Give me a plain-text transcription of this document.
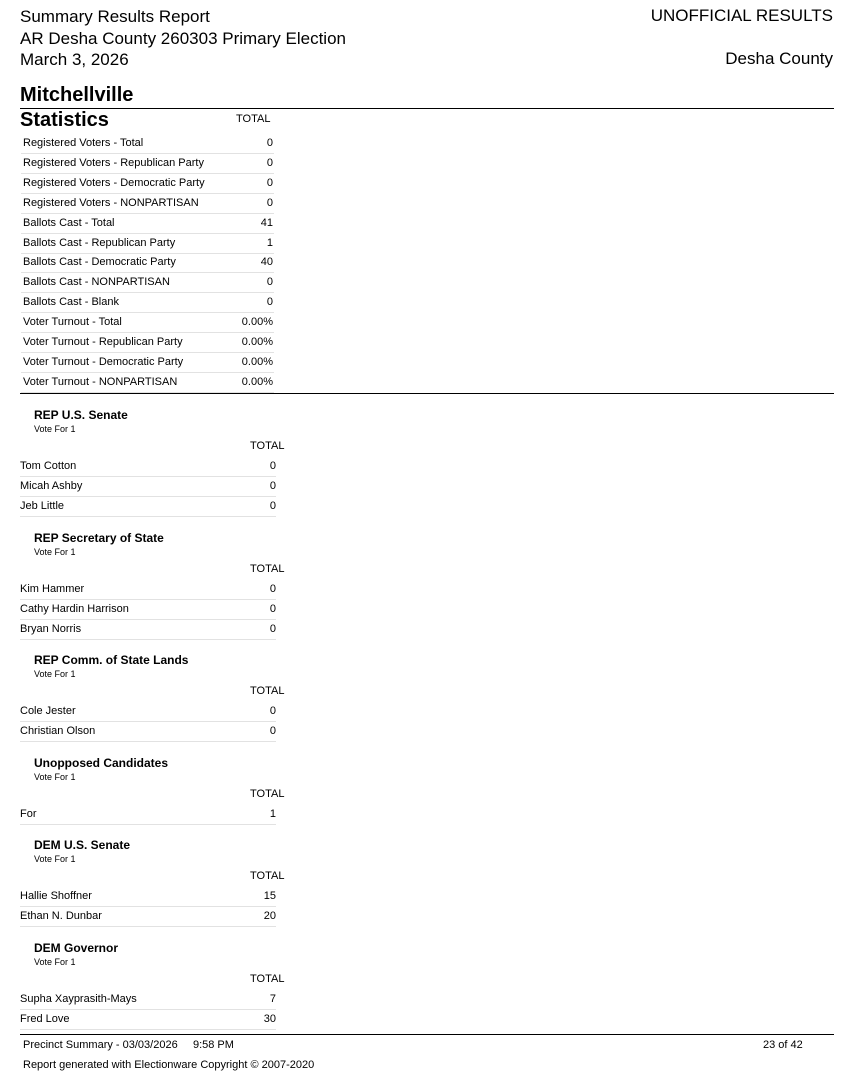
Summary Results Report
AR Desha County 260303 Primary Election
March 3, 2026
UNOFFICIAL RESULTS
Desha County
Mitchellville
Statistics	TOTAL
Registered Voters - Total	0
Registered Voters - Republican Party	0
Registered Voters - Democratic Party	0
Registered Voters - NONPARTISAN	0
Ballots Cast - Total	41
Ballots Cast - Republican Party	1
Ballots Cast - Democratic Party	40
Ballots Cast - NONPARTISAN	0
Ballots Cast - Blank	0
Voter Turnout - Total	0.00%
Voter Turnout - Republican Party	0.00%
Voter Turnout - Democratic Party	0.00%
Voter Turnout - NONPARTISAN	0.00%
REP U.S. Senate
Vote For 1
TOTAL
Tom Cotton	0
Micah Ashby	0
Jeb Little	0
REP Secretary of State
Vote For 1
TOTAL
Kim Hammer	0
Cathy Hardin Harrison	0
Bryan Norris	0
REP Comm. of State Lands
Vote For 1
TOTAL
Cole Jester	0
Christian Olson	0
Unopposed Candidates
Vote For 1
TOTAL
For	1
DEM U.S. Senate
Vote For 1
TOTAL
Hallie Shoffner	15
Ethan N. Dunbar	20
DEM Governor
Vote For 1
TOTAL
Supha Xayprasith-Mays	7
Fred Love	30
Precinct Summary - 03/03/2026     9:58 PM	23 of 42
Report generated with Electionware Copyright © 2007-2020
